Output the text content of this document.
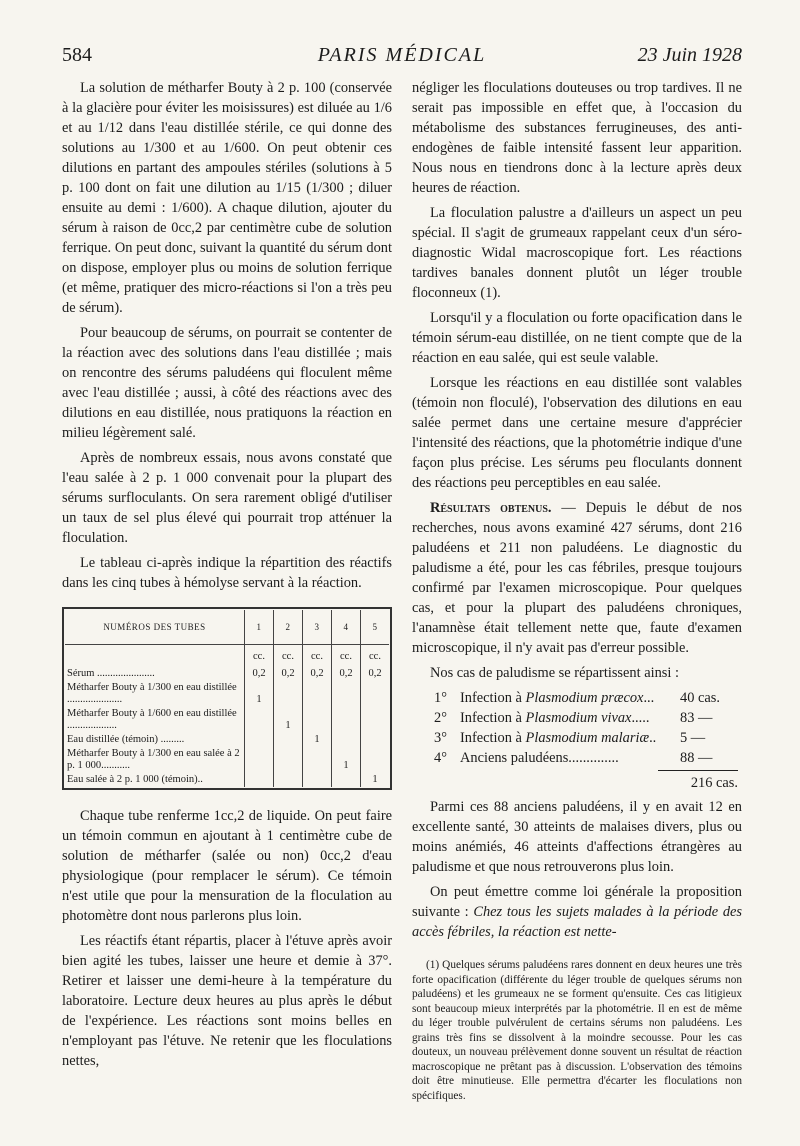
584	PARIS MÉDICAL	23 Juin 1928

La solution de métharfer Bouty à 2 p. 100 (conservée à la glacière pour éviter les moisissures) est diluée au 1/6 et au 1/12 dans l'eau distillée stérile, ce qui donne des solutions au 1/300 et au 1/600. On peut obtenir ces dilutions en partant des ampoules stériles (solutions à 5 p. 100 dont on fait une dilution au 1/15 (1/300 ; diluer ensuite au demi : 1/600). A chaque dilution, ajouter du sérum à raison de 0cc,2 par centimètre cube de solution ferrique. On peut donc, suivant la quantité du sérum dont on dispose, employer plus ou moins de solution ferrique (et même, pratiquer des micro-réactions si l'on a très peu de sérum).

Pour beaucoup de sérums, on pourrait se contenter de la réaction avec des solutions dans l'eau distillée ; mais on rencontre des sérums paludéens qui floculent même avec l'eau distillée ; aussi, à côté des réactions avec des dilutions en eau distillée, nous pratiquons la réaction en milieu légèrement salé.

Après de nombreux essais, nous avons constaté que l'eau salée à 2 p. 1 000 convenait pour la plupart des sérums surfloculants. On sera rarement obligé d'utiliser un taux de sel plus élevé qui pourrait trop atténuer la floculation.

Le tableau ci-après indique la répartition des réactifs dans les cinq tubes à hémolyse servant à la réaction.

NUMÉROS DES TUBES	1	2	3	4	5
	cc.	cc.	cc.	cc.	cc.
Sérum ......................	0,2	0,2	0,2	0,2	0,2
Métharfer Bouty à 1/300 en eau distillée .....................	1				
Métharfer Bouty à 1/600 en eau distillée ...................		1			
Eau distillée (témoin) .........			1		
Métharfer Bouty à 1/300 en eau salée à 2 p. 1 000...........				1	
Eau salée à 2 p. 1 000 (témoin)..					1

Chaque tube renferme 1cc,2 de liquide. On peut faire un témoin commun en ajoutant à 1 centimètre cube de solution de métharfer (salée ou non) 0cc,2 d'eau physiologique (pour remplacer le sérum). Ce témoin n'est utile que pour la mensuration de la floculation au photomètre dont nous parlerons plus loin.

Les réactifs étant répartis, placer à l'étuve après avoir bien agité les tubes, laisser une heure et demie à 37°. Retirer et laisser une demi-heure à la température du laboratoire. Lecture deux heures au plus après le début de l'expérience. Les réactions sont moins belles en n'employant pas l'étuve. Ne retenir que les floculations nettes,

négliger les floculations douteuses ou trop tardives. Il ne serait pas impossible en effet que, à l'occasion du métabolisme des substances ferrugineuses, des anti-endogènes de faible intensité fassent leur apparition. Nous nous en tiendrons donc à la lecture après deux heures de réaction.

La floculation palustre a d'ailleurs un aspect un peu spécial. Il s'agit de grumeaux rappelant ceux d'un séro-diagnostic Widal macroscopique fort. Les réactions tardives banales donnent plutôt un léger trouble floconneux (1).

Lorsqu'il y a floculation ou forte opacification dans le témoin sérum-eau distillée, on ne tient compte que de la réaction en eau salée, qui est seule valable.

Lorsque les réactions en eau distillée sont valables (témoin non floculé), l'observation des dilutions en eau salée permet dans une certaine mesure d'apprécier l'intensité des réactions, que la photométrie indique d'une façon plus précise. Les sérums peu floculants donnent des réactions peu perceptibles en eau salée.

Résultats obtenus. — Depuis le début de nos recherches, nous avons examiné 427 sérums, dont 216 paludéens et 211 non paludéens. Le diagnostic du paludisme a été, pour les cas fébriles, presque toujours confirmé par l'examen microscopique. Pour quelques cas, et pour la plupart des paludéens chroniques, l'anamnèse était tellement nette que, faute d'examen microscopique, il n'y avait pas d'erreur possible.

Nos cas de paludisme se répartissent ainsi :

1° Infection à Plasmodium præcox... 40 cas.
2° Infection à Plasmodium vivax..... 83 —
3° Infection à Plasmodium malariæ.. 5 —
4° Anciens paludéens..............	88 —
216 cas.

Parmi ces 88 anciens paludéens, il y en avait 12 en excellente santé, 30 atteints de malaises divers, plus ou moins anémiés, 46 atteints d'affections étrangères au paludisme et que nous retrouverons plus loin.

On peut émettre comme loi générale la proposition suivante : Chez tous les sujets malades à la période des accès fébriles, la réaction est nette-

(1) Quelques sérums paludéens rares donnent en deux heures une très forte opacification (différente du léger trouble de quelques sérums non paludéens) et les grumeaux ne se forment qu'ensuite. Ces cas litigieux sont beaucoup mieux interprétés par la photométrie. Il en est de même du léger trouble pulvérulent de certains sérums non paludéens. Les grains très fins se dissolvent à la moindre secousse. Pour les cas douteux, un nouveau prélèvement donne souvent un résultat de réaction macroscopique ne prêtant pas à discussion. L'observation des témoins doit être minutieuse. Elle permettra d'écarter les floculations non spécifiques.
